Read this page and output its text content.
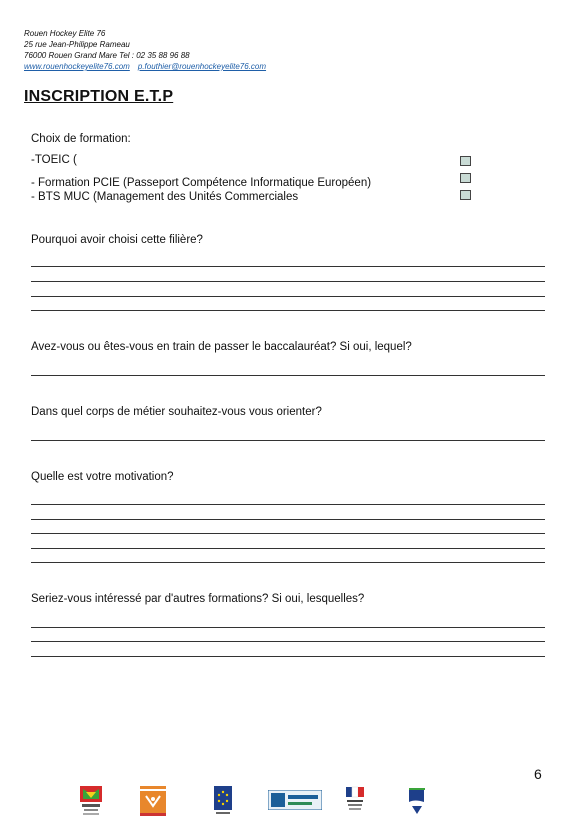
Rouen Hockey Elite 76
25 rue Jean-Philippe Rameau
76000 Rouen Grand Mare Tel : 02 35 88 96 88
www.rouenhockeyelite76.com p.fouthier@rouenhockeyelite76.com
INSCRIPTION E.T.P
Choix de formation:
-TOEIC (
- Formation PCIE (Passeport Compétence Informatique Européen)
- BTS MUC (Management des Unités Commerciales
Pourquoi avoir choisi cette filière?
Avez-vous ou êtes-vous en train de passer le baccalauréat? Si oui, lequel?
Dans quel corps de métier souhaitez-vous vous orienter?
Quelle est votre motivation?
Seriez-vous intéressé par d'autres formations? Si oui, lesquelles?
6
